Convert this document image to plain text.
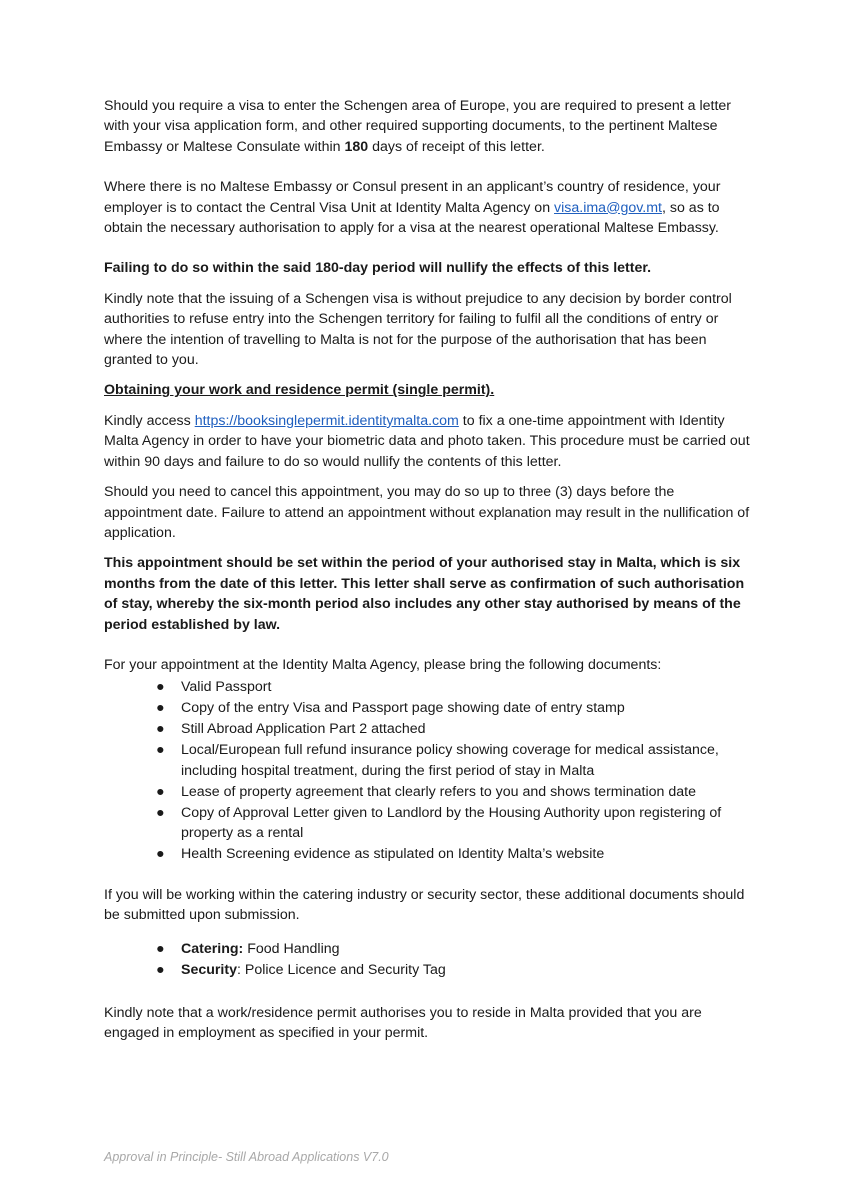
Should you require a visa to enter the Schengen area of Europe, you are required to present a letter with your visa application form, and other required supporting documents, to the pertinent Maltese Embassy or Maltese Consulate within 180 days of receipt of this letter.

Where there is no Maltese Embassy or Consul present in an applicant’s country of residence, your employer is to contact the Central Visa Unit at Identity Malta Agency on visa.ima@gov.mt, so as to obtain the necessary authorisation to apply for a visa at the nearest operational Maltese Embassy.

Failing to do so within the said 180-day period will nullify the effects of this letter.

Kindly note that the issuing of a Schengen visa is without prejudice to any decision by border control authorities to refuse entry into the Schengen territory for failing to fulfil all the conditions of entry or where the intention of travelling to Malta is not for the purpose of the authorisation that has been granted to you.

Obtaining your work and residence permit (single permit).

Kindly access https://booksinglepermit.identitymalta.com to fix a one-time appointment with Identity Malta Agency in order to have your biometric data and photo taken. This procedure must be carried out within 90 days and failure to do so would nullify the contents of this letter.

Should you need to cancel this appointment, you may do so up to three (3) days before the appointment date. Failure to attend an appointment without explanation may result in the nullification of application.

This appointment should be set within the period of your authorised stay in Malta, which is six months from the date of this letter. This letter shall serve as confirmation of such authorisation of stay, whereby the six-month period also includes any other stay authorised by means of the period established by law.

For your appointment at the Identity Malta Agency, please bring the following documents:

● Valid Passport
● Copy of the entry Visa and Passport page showing date of entry stamp
● Still Abroad Application Part 2 attached
● Local/European full refund insurance policy showing coverage for medical assistance, including hospital treatment, during the first period of stay in Malta
● Lease of property agreement that clearly refers to you and shows termination date
● Copy of Approval Letter given to Landlord by the Housing Authority upon registering of property as a rental
● Health Screening evidence as stipulated on Identity Malta’s website

If you will be working within the catering industry or security sector, these additional documents should be submitted upon submission.

● Catering: Food Handling
● Security: Police Licence and Security Tag

Kindly note that a work/residence permit authorises you to reside in Malta provided that you are engaged in employment as specified in your permit.

Approval in Principle- Still Abroad Applications V7.0
